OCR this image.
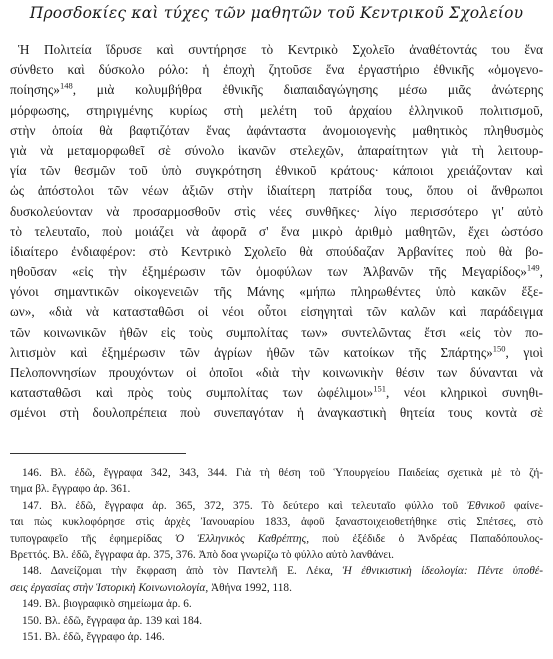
Προσδοκίες καὶ τύχες τῶν μαθητῶν τοῦ Κεντρικοῦ Σχολείου
Ἡ Πολιτεία ἵδρυσε καὶ συντήρησε τὸ Κεντρικὸ Σχολεῖο ἀναθέτοντάς του ἕνα
σύνθετο καὶ δύσκολο ρόλο: ἡ ἐποχὴ ζητοῦσε ἕνα ἐργαστήριο ἐθνικῆς «ὁμογενο-
ποίησης»$^{148}$, μιὰ κολυμβήθρα ἐθνικῆς διαπαιδαγώγησης μέσω μιᾶς ἀνώτερης
μόρφωσης, στηριγμένης κυρίως στὴ μελέτη τοῦ ἀρχαίου ἑλληνικοῦ πολιτισμοῦ,
στὴν ὁποία θὰ βαφτιζόταν ἕνας ἀφάνταστα ἀνομοιογενὴς μαθητικὸς πληθυσμὸς
γιὰ νὰ μεταμορφωθεῖ σὲ σύνολο ἱκανῶν στελεχῶν, ἀπαραίτητων γιὰ τὴ λειτουρ-
γία τῶν θεσμῶν τοῦ ὑπὸ συγκρότηση ἐθνικοῦ κράτους· κάποιοι χρειάζονταν καὶ
ὡς ἀπόστολοι τῶν νέων ἀξιῶν στὴν ἰδιαίτερη πατρίδα τους, ὅπου οἱ ἄνθρωποι
δυσκολεύονταν νὰ προσαρμοσθοῦν στὶς νέες συνθῆκες· λίγο περισσότερο γι' αὐτὸ
τὸ τελευταῖο, ποὺ μοιάζει νὰ ἀφορᾶ σ' ἕνα μικρὸ ἀριθμὸ μαθητῶν, ἔχει ὡστόσο
ἰδιαίτερο ἐνδιαφέρον: στὸ Κεντρικὸ Σχολεῖο θὰ σπούδαζαν Ἀρβανίτες ποὺ θὰ βο-
ηθοῦσαν «εἰς τὴν ἐξημέρωσιν τῶν ὁμοφύλων των Ἀλβανῶν τῆς Μεγαρίδος»$^{149}$,
γόνοι σημαντικῶν οἰκογενειῶν τῆς Μάνης «μήπω πληρωθέντες ὑπὸ κακῶν ἕξε-
ων», «διὰ νὰ κατασταθῶσι οἱ νέοι οὗτοι εἰσηγηταὶ τῶν καλῶν καὶ παράδειγμα
τῶν κοινωνικῶν ἠθῶν εἰς τοὺς συμπολίτας των» συντελῶντας ἔτσι «εἰς τὸν πο-
λιτισμὸν καὶ ἐξημέρωσιν τῶν ἀγρίων ἠθῶν τῶν κατοίκων τῆς Σπάρτης»$^{150}$, γιοὶ
Πελοποννησίων προυχόντων οἱ ὁποῖοι «διὰ τὴν κοινωνικὴν θέσιν των δύνανται νὰ
κατασταθῶσι καὶ πρὸς τοὺς συμπολίτας των ὠφέλιμοι»$^{151}$, νέοι κληρικοὶ συνηθι-
σμένοι στὴ δουλοπρέπεια ποὺ συνεπαγόταν ἡ ἀναγκαστικὴ θητεία τους κοντὰ σὲ
146. Βλ. ἐδῶ, ἔγγραφα 342, 343, 344. Γιὰ τὴ θέση τοῦ Ὑπουργείου Παιδείας σχετικὰ μὲ τὸ ζή-
τημα βλ. ἔγγραφο ἀρ. 361.
147. Βλ. ἐδῶ, ἔγγραφα ἀρ. 365, 372, 375. Τὸ δεύτερο καὶ τελευταῖο φύλλο τοῦ Ἐθνικοῦ φαίνε-
ται πὼς κυκλοφόρησε στὶς ἀρχὲς Ἰανουαρίου 1833, ἀφοῦ ξαναστοιχειοθετήθηκε στὶς Σπέτσες, στὸ
τυπογραφεῖο τῆς ἐφημερίδας Ὁ Ἑλληνικὸς Καθρέπτης, ποὺ ἐξέδιδε ὁ Ἀνδρέας Παπαδόπουλος-
Βρεττός. Βλ. ἐδῶ, ἔγγραφα ἀρ. 375, 376. Ἀπὸ δοα γνωρίζω τὸ φύλλο αὐτὸ λανθάνει.
148. Δανείζομαι τὴν ἔκφραση ἀπὸ τὸν Παντελῆ Ε. Λέκα, Ἡ ἐθνικιστικὴ ἰδεολογία: Πέντε ὑποθέ-
σεις ἐργασίας στὴν Ἱστορικὴ Κοινωνιολογία, Ἀθήνα 1992, 118.
149. Βλ. βιογραφικὸ σημείωμα ἀρ. 6.
150. Βλ. ἐδῶ, ἔγγραφα ἀρ. 139 καὶ 184.
151. Βλ. ἐδῶ, ἔγγραφο ἀρ. 146.
